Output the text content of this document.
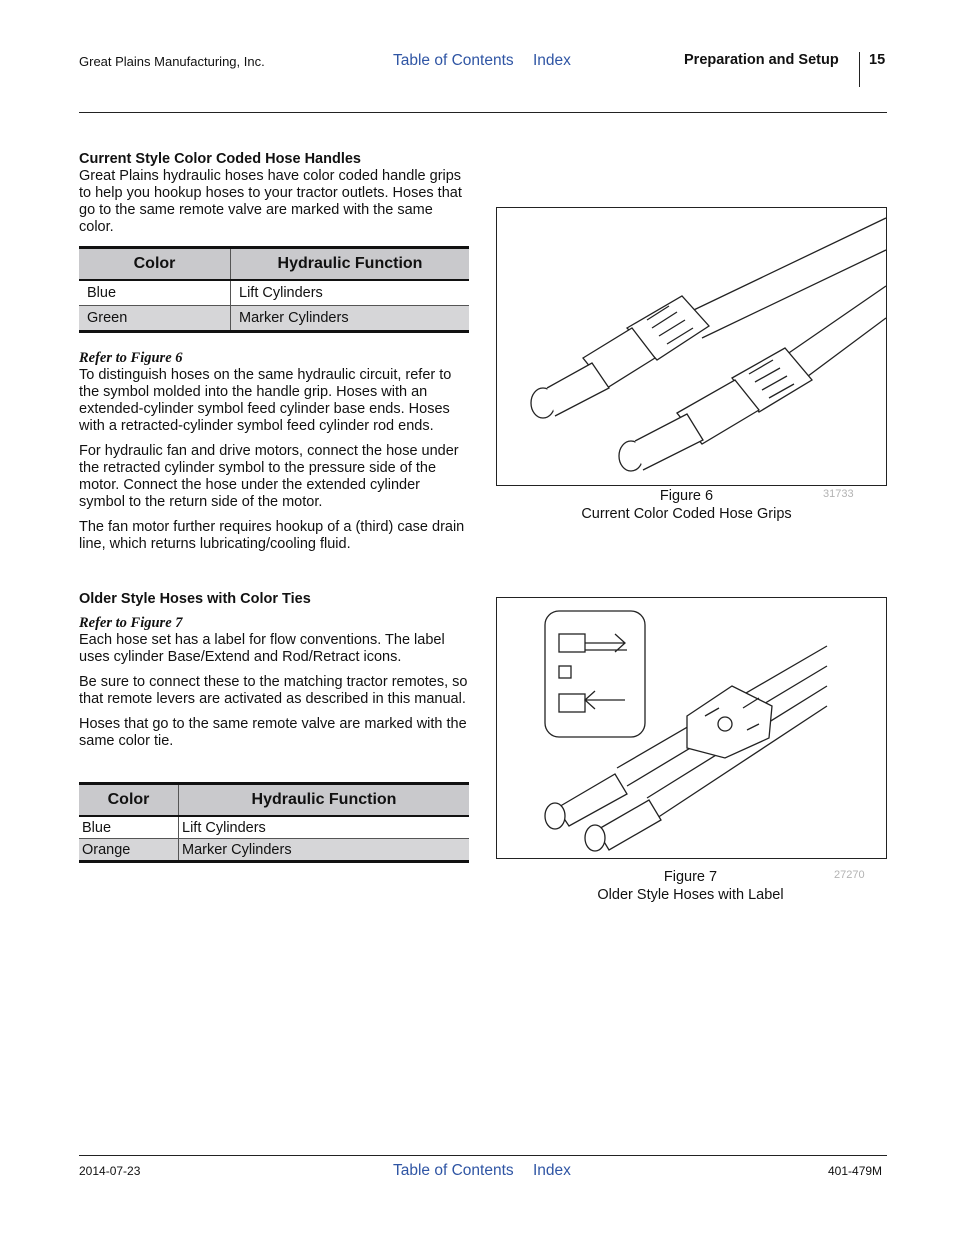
Great Plains Manufacturing, Inc.	Table of Contents Index	Preparation and Setup 15
Current Style Color Coded Hose Handles

Great Plains hydraulic hoses have color coded handle grips to help you hookup hoses to your tractor outlets. Hoses that go to the same remote valve are marked with the same color.

Color	Hydraulic Function
Blue	Lift Cylinders
Green	Marker Cylinders

Refer to Figure 6

To distinguish hoses on the same hydraulic circuit, refer to the symbol molded into the handle grip. Hoses with an extended-cylinder symbol feed cylinder base ends. Hoses with a retracted-cylinder symbol feed cylinder rod ends.

For hydraulic fan and drive motors, connect the hose under the retracted cylinder symbol to the pressure side of the motor. Connect the hose under the extended cylinder symbol to the return side of the motor.

The fan motor further requires hookup of a (third) case drain line, which returns lubricating/cooling fluid.

Older Style Hoses with Color Ties

Refer to Figure 7

Each hose set has a label for flow conventions. The label uses cylinder Base/Extend and Rod/Retract icons.

Be sure to connect these to the matching tractor remotes, so that remote levers are activated as described in this manual.

Hoses that go to the same remote valve are marked with the same color tie.

Color	Hydraulic Function
Blue	Lift Cylinders
Orange	Marker Cylinders
Figure 6
Current Color Coded Hose Grips
31733
Figure 7
Older Style Hoses with Label
27270
2014-07-23	Table of Contents Index	401-479M
